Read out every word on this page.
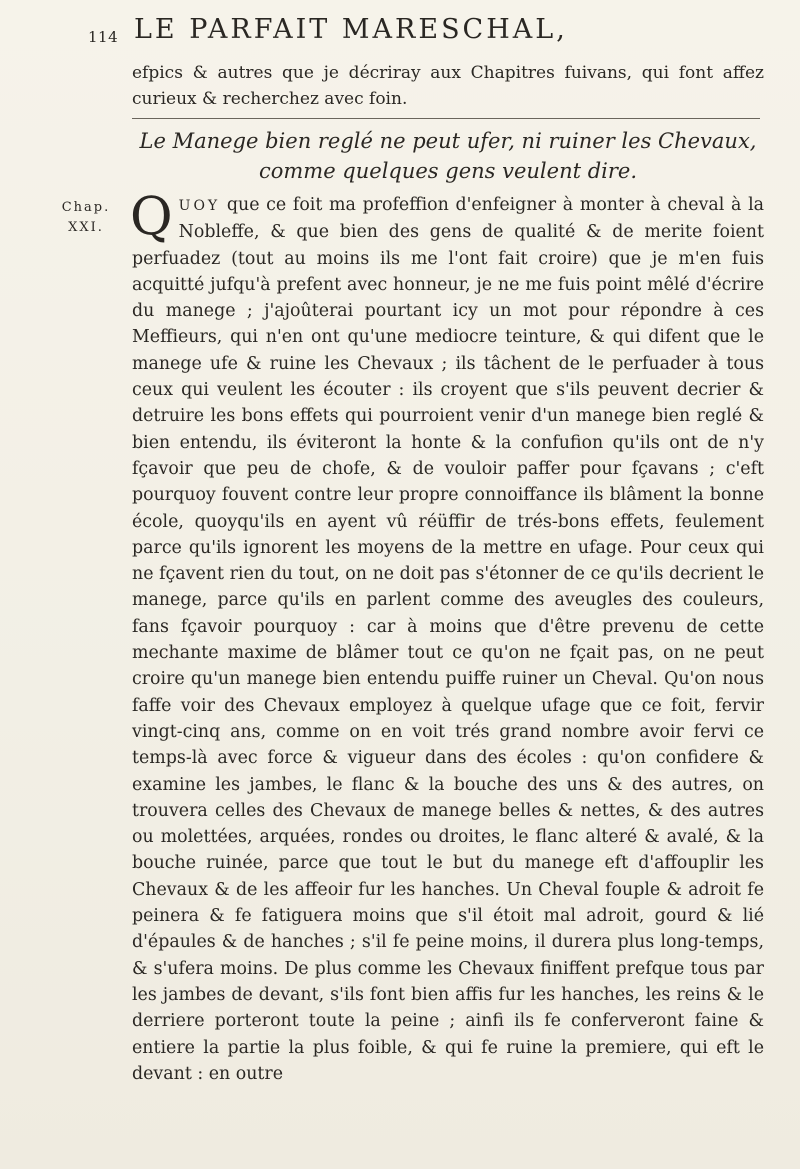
114 LE PARFAIT MARESCHAL,
efpics & autres que je décriray aux Chapitres fuivans, qui font affez curieux & recherchez avec foin.
Le Manege bien reglé ne peut ufer, ni ruiner les Chevaux, comme quelques gens veulent dire.
Chap. XXI. QUOY que ce foit ma profeffion d'enfeigner à monter à cheval à la Nobleffe, & que bien des gens de qualité & de merite foient perfuadez (tout au moins ils me l'ont fait croire) que je m'en fuis acquitté jufqu'à prefent avec honneur, je ne me fuis point mêlé d'écrire du manege ; j'ajoûterai pourtant icy un mot pour répondre à ces Meffieurs, qui n'en ont qu'une mediocre teinture, & qui difent que le manege ufe & ruine les Chevaux ; ils tâchent de le perfuader à tous ceux qui veulent les écouter : ils croyent que s'ils peuvent decrier & detruire les bons effets qui pourroient venir d'un manege bien reglé & bien entendu, ils éviteront la honte & la confufion qu'ils ont de n'y fçavoir que peu de chofe, & de vouloir paffer pour fçavans ; c'eft pourquoy fouvent contre leur propre connoiffance ils blâment la bonne école, quoyqu'ils en ayent vû réüffir de trés-bons effets, feulement parce qu'ils ignorent les moyens de la mettre en ufage. Pour ceux qui ne fçavent rien du tout, on ne doit pas s'étonner de ce qu'ils decrient le manege, parce qu'ils en parlent comme des aveugles des couleurs, fans fçavoir pourquoy : car à moins que d'être prevenu de cette mechante maxime de blâmer tout ce qu'on ne fçait pas, on ne peut croire qu'un manege bien entendu puiffe ruiner un Cheval. Qu'on nous faffe voir des Chevaux employez à quelque ufage que ce foit, fervir vingt-cinq ans, comme on en voit trés grand nombre avoir fervi ce temps-là avec force & vigueur dans des écoles : qu'on confidere & examine les jambes, le flanc & la bouche des uns & des autres, on trouvera celles des Chevaux de manege belles & nettes, & des autres ou molettées, arquées, rondes ou droites, le flanc alteré & avalé, & la bouche ruinée, parce que tout le but du manege eft d'affouplir les Chevaux & de les affeoir fur les hanches. Un Cheval fouple & adroit fe peinera & fe fatiguera moins que s'il étoit mal adroit, gourd & lié d'épaules & de hanches ; s'il fe peine moins, il durera plus long-temps, & s'ufera moins. De plus comme les Chevaux finiffent prefque tous par les jambes de devant, s'ils font bien affis fur les hanches, les reins & le derriere porteront toute la peine ; ainfi ils fe conferveront faine & entiere la partie la plus foible, & qui fe ruine la premiere, qui eft le devant : en outre
